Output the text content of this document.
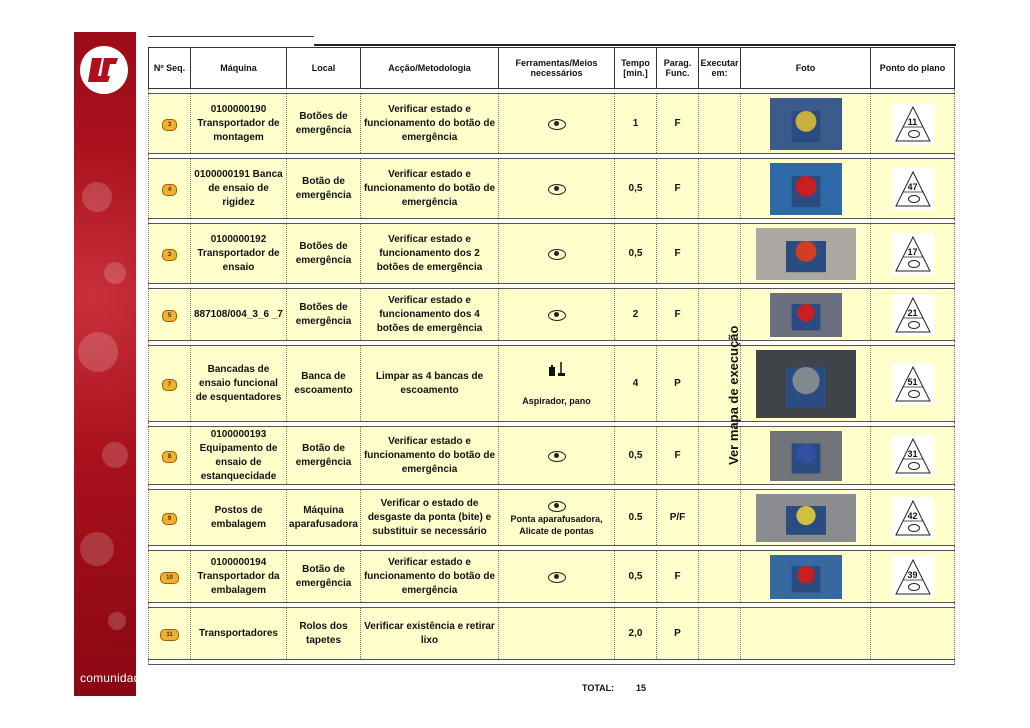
comunidade
Nº Seq.	Máquina	Local	Acção/Metodologia	Ferramentas/Meios necessários	Tempo [min.]	Parag. Func.	Executar em:	Foto	Ponto do plano

3	0100000190 Transportador de montagem	Botões de emergência	Verificar estado e funcionamento do botão de emergência		1	F			11

4	0100000191 Banca de ensaio de rigidez	Botão de emergência	Verificar estado e funcionamento do botão de emergência		0,5	F			47

3	0100000192 Transportador de ensaio	Botões de emergência	Verificar estado e funcionamento dos 2 botões de emergência		0,5	F			17

5	887108/004_3_6 _7	Botões de emergência	Verificar estado e funcionamento dos 4 botões de emergência		2	F			21

7	Bancadas de ensaio funcional de esquentadores	Banca de escoamento	Limpar as 4 bancas de escoamento	Aspirador, pano	4	P			51

8	0100000193 Equipamento de ensaio de estanquecidade	Botão de emergência	Verificar estado e funcionamento do botão de emergência		0,5	F			31

9	Postos de embalagem	Máquina aparafusadora	Verificar o estado de desgaste da ponta (bite) e substituir se necessário	Ponta aparafusadora, Alicate de pontas	0.5	P/F			42

10	0100000194 Transportador da embalagem	Botão de emergência	Verificar estado e funcionamento do botão de emergência		0,5	F			39

11	Transportadores	Rolos dos tapetes	Verificar existência e retirar lixo		2,0	P			

Ver mapa de execução
TOTAL: 15
